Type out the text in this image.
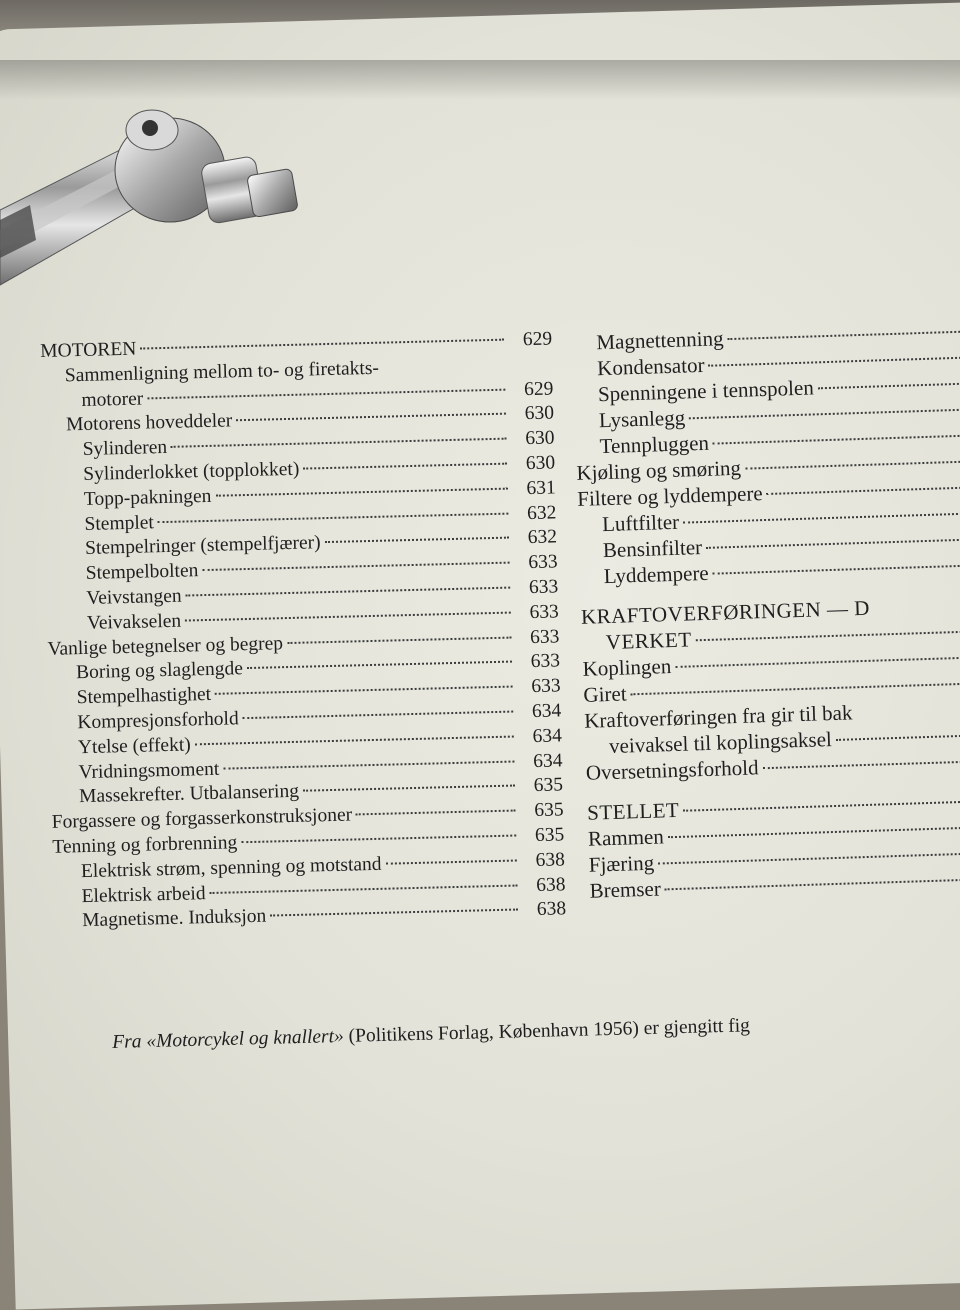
MOTOREN	629
Sammenligning mellom to- og firetakts-
motorer	629
Motorens hoveddeler	630
Sylinderen	630
Sylinderlokket (topplokket)	630
Topp-pakningen	631
Stemplet	632
Stempelringer (stempelfjærer)	632
Stempelbolten	633
Veivstangen	633
Veivakselen	633
Vanlige betegnelser og begrep	633
Boring og slaglengde	633
Stempelhastighet	633
Kompresjonsforhold	634
Ytelse (effekt)	634
Vridningsmoment	634
Massekrefter. Utbalansering	635
Forgassere og forgasserkonstruksjoner	635
Tenning og forbrenning	635
Elektrisk strøm, spenning og motstand	638
Elektrisk arbeid	638
Magnetisme. Induksjon	638
Magnettenning
Kondensator
Spenningene i tennspolen
Lysanlegg
Tennpluggen
Kjøling og smøring
Filtere og lyddempere
Luftfilter
Bensinfilter
Lyddempere
KRAFTOVERFØRINGEN — D
VERKET
Koplingen
Giret
Kraftoverføringen fra gir til bak
veivaksel til koplingsaksel
Oversetningsforhold
STELLET
Rammen
Fjæring
Bremser
Fra «Motorcykel og knallert» (Politikens Forlag, København 1956) er gjengitt fig
